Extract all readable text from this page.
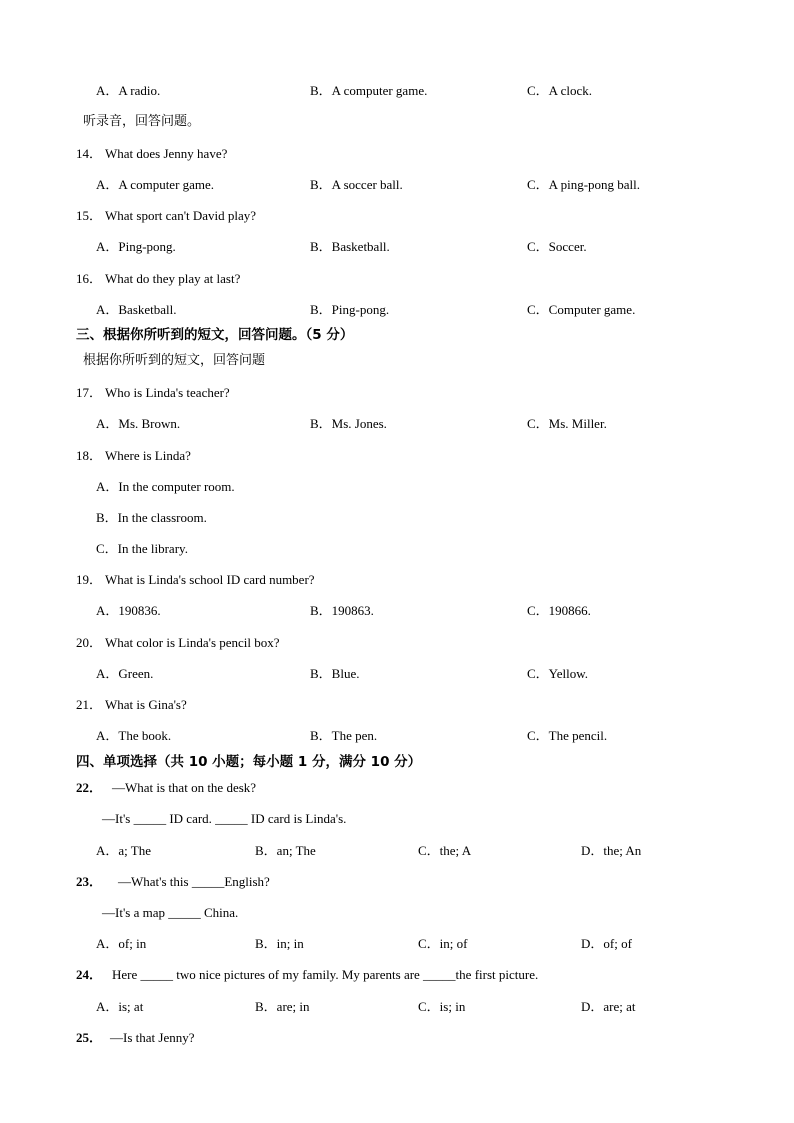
A．A radio.	B．A computer game.	C．A clock.
听录音，回答问题。
14． What does Jenny have?
A．A computer game.	B．A soccer ball.	C．A ping-pong ball.
15． What sport can't David play?
A．Ping-pong.	B．Basketball.	C．Soccer.
16． What do they play at last?
A．Basketball.	B．Ping-pong.	C．Computer game.
三、根据你所听到的短文，回答问题。（5 分）
根据你所听到的短文，回答问题
17． Who is Linda's teacher?
A．Ms. Brown.	B．Ms. Jones.	C．Ms. Miller.
18． Where is Linda?
A．In the computer room.
B．In the classroom.
C．In the library.
19． What is Linda's school ID card number?
A．190836.	B．190863.	C．190866.
20． What color is Linda's pencil box?
A．Green.	B．Blue.	C．Yellow.
21． What is Gina's?
A．The book.	B．The pen.	C．The pencil.
四、单项选择（共 10 小题；每小题 1 分，满分 10 分）
22． —What is that on the desk?
—It's _____ ID card. _____ ID card is Linda's.
A．a; The	B．an; The	C．the; A	D．the; An
23． —What's this _____English?
—It's a map _____ China.
A．of; in	B．in; in	C．in; of	D．of; of
24． Here _____ two nice pictures of my family. My parents are _____the first picture.
A．is; at	B．are; in	C．is; in	D．are; at
25． —Is that Jenny?
